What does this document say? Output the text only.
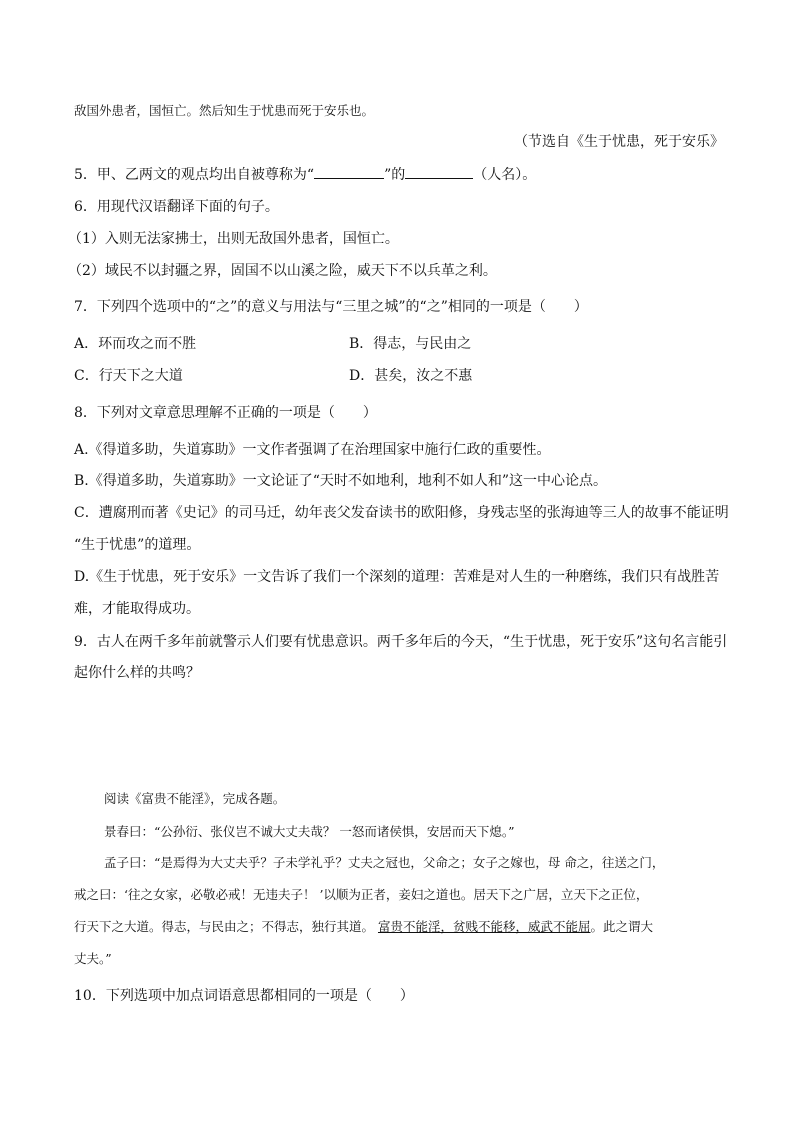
敌国外患者，国恒亡。然后知生于忧患而死于安乐也。
（节选自《生于忧患，死于安乐》
5．甲、乙两文的观点均出自被尊称为“	”的	（人名）。
6．用现代汉语翻译下面的句子。
（1）入则无法家拂士，出则无敌国外患者，国恒亡。
（2）域民不以封疆之界，固国不以山溪之险，威天下不以兵革之利。
7．下列四个选项中的“之”的意义与用法与“三里之城”的“之”相同的一项是（　　）
A．环而攻之而不胜	B．得志，与民由之
C．行天下之大道	D．甚矣，汝之不惠
8．下列对文章意思理解不正确的一项是（　　）
A.《得道多助，失道寡助》一文作者强调了在治理国家中施行仁政的重要性。
B.《得道多助，失道寡助》一文论证了“天时不如地利，地利不如人和”这一中心论点。
C．遭腐刑而著《史记》的司马迁，幼年丧父发奋读书的欧阳修，身残志坚的张海迪等三人的故事不能证明
“生于忧患”的道理。
D.《生于忧患，死于安乐》一文告诉了我们一个深刻的道理：苦难是对人生的一种磨练，我们只有战胜苦
难，才能取得成功。
9．古人在两千多年前就警示人们要有忧患意识。两千多年后的今天，“生于忧患，死于安乐”这句名言能引
起你什么样的共鸣？
阅读《富贵不能淫》，完成各题。
景春曰：“公孙衍、张仪岂不诚大丈夫哉？ 一怒而诸侯惧，安居而天下熄。”
孟子曰：“是焉得为大丈夫乎？子未学礼乎？丈夫之冠也，父命之；女子之嫁也，母 命之，往送之门，
戒之曰：‘往之女家，必敬必戒！无违夫子！ ’以顺为正者，妾妇之道也。居天下之广居，立天下之正位，
行天下之大道。得志，与民由之；不得志，独行其道。 富贵不能淫，贫贱不能移，威武不能屈。此之谓大
丈夫。”
10．下列选项中加点词语意思都相同的一项是（　　）
